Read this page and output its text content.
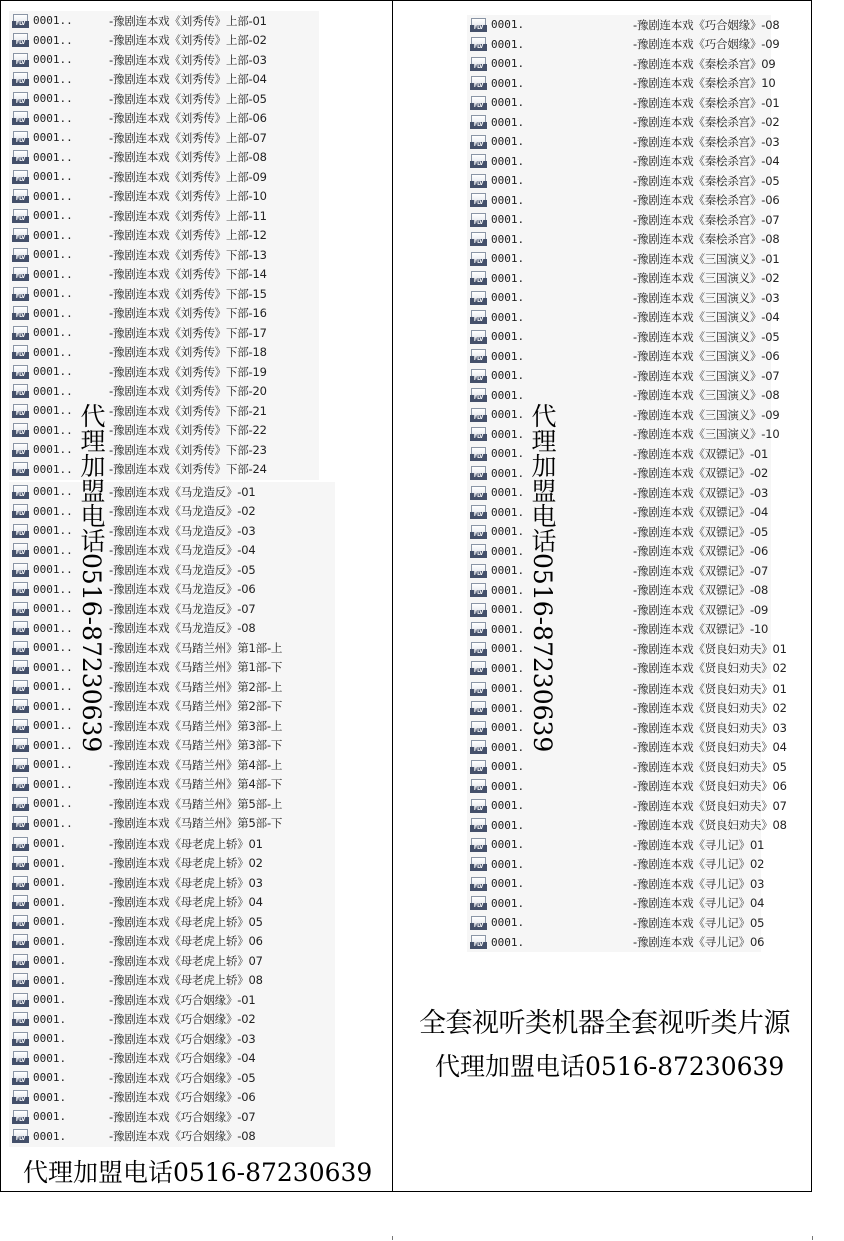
FLV 0001..	-豫剧连本戏《刘秀传》上部-01
FLV 0001..	-豫剧连本戏《刘秀传》上部-02
FLV 0001..	-豫剧连本戏《刘秀传》上部-03
FLV 0001..	-豫剧连本戏《刘秀传》上部-04
FLV 0001..	-豫剧连本戏《刘秀传》上部-05
FLV 0001..	-豫剧连本戏《刘秀传》上部-06
FLV 0001..	-豫剧连本戏《刘秀传》上部-07
FLV 0001..	-豫剧连本戏《刘秀传》上部-08
FLV 0001..	-豫剧连本戏《刘秀传》上部-09
FLV 0001..	-豫剧连本戏《刘秀传》上部-10
FLV 0001..	-豫剧连本戏《刘秀传》上部-11
FLV 0001..	-豫剧连本戏《刘秀传》上部-12
FLV 0001..	-豫剧连本戏《刘秀传》下部-13
FLV 0001..	-豫剧连本戏《刘秀传》下部-14
FLV 0001..	-豫剧连本戏《刘秀传》下部-15
FLV 0001..	-豫剧连本戏《刘秀传》下部-16
FLV 0001..	-豫剧连本戏《刘秀传》下部-17
FLV 0001..	-豫剧连本戏《刘秀传》下部-18
FLV 0001..	-豫剧连本戏《刘秀传》下部-19
FLV 0001..	-豫剧连本戏《刘秀传》下部-20
FLV 0001..	-豫剧连本戏《刘秀传》下部-21
FLV 0001..	-豫剧连本戏《刘秀传》下部-22
FLV 0001..	-豫剧连本戏《刘秀传》下部-23
FLV 0001..	-豫剧连本戏《刘秀传》下部-24
FLV 0001..	-豫剧连本戏《马龙造反》-01
FLV 0001..	-豫剧连本戏《马龙造反》-02
FLV 0001..	-豫剧连本戏《马龙造反》-03
FLV 0001..	-豫剧连本戏《马龙造反》-04
FLV 0001..	-豫剧连本戏《马龙造反》-05
FLV 0001..	-豫剧连本戏《马龙造反》-06
FLV 0001..	-豫剧连本戏《马龙造反》-07
FLV 0001..	-豫剧连本戏《马龙造反》-08
FLV 0001..	-豫剧连本戏《马踏兰州》第1部-上
FLV 0001..	-豫剧连本戏《马踏兰州》第1部-下
FLV 0001..	-豫剧连本戏《马踏兰州》第2部-上
FLV 0001..	-豫剧连本戏《马踏兰州》第2部-下
FLV 0001..	-豫剧连本戏《马踏兰州》第3部-上
FLV 0001..	-豫剧连本戏《马踏兰州》第3部-下
FLV 0001..	-豫剧连本戏《马踏兰州》第4部-上
FLV 0001..	-豫剧连本戏《马踏兰州》第4部-下
FLV 0001..	-豫剧连本戏《马踏兰州》第5部-上
FLV 0001..	-豫剧连本戏《马踏兰州》第5部-下
FLV 0001.	-豫剧连本戏《母老虎上轿》01
FLV 0001.	-豫剧连本戏《母老虎上轿》02
FLV 0001.	-豫剧连本戏《母老虎上轿》03
FLV 0001.	-豫剧连本戏《母老虎上轿》04
FLV 0001.	-豫剧连本戏《母老虎上轿》05
FLV 0001.	-豫剧连本戏《母老虎上轿》06
FLV 0001.	-豫剧连本戏《母老虎上轿》07
FLV 0001.	-豫剧连本戏《母老虎上轿》08
FLV 0001.	-豫剧连本戏《巧合姻缘》-01
FLV 0001.	-豫剧连本戏《巧合姻缘》-02
FLV 0001.	-豫剧连本戏《巧合姻缘》-03
FLV 0001.	-豫剧连本戏《巧合姻缘》-04
FLV 0001.	-豫剧连本戏《巧合姻缘》-05
FLV 0001.	-豫剧连本戏《巧合姻缘》-06
FLV 0001.	-豫剧连本戏《巧合姻缘》-07
FLV 0001.	-豫剧连本戏《巧合姻缘》-08
代理加盟电话0516-87230639
代理加盟电话0516-87230639
FLV 0001.	-豫剧连本戏《巧合姻缘》-08
FLV 0001.	-豫剧连本戏《巧合姻缘》-09
FLV 0001.	-豫剧连本戏《秦桧杀宫》09
FLV 0001.	-豫剧连本戏《秦桧杀宫》10
FLV 0001.	-豫剧连本戏《秦桧杀宫》-01
FLV 0001.	-豫剧连本戏《秦桧杀宫》-02
FLV 0001.	-豫剧连本戏《秦桧杀宫》-03
FLV 0001.	-豫剧连本戏《秦桧杀宫》-04
FLV 0001.	-豫剧连本戏《秦桧杀宫》-05
FLV 0001.	-豫剧连本戏《秦桧杀宫》-06
FLV 0001.	-豫剧连本戏《秦桧杀宫》-07
FLV 0001.	-豫剧连本戏《秦桧杀宫》-08
FLV 0001.	-豫剧连本戏《三国演义》-01
FLV 0001.	-豫剧连本戏《三国演义》-02
FLV 0001.	-豫剧连本戏《三国演义》-03
FLV 0001.	-豫剧连本戏《三国演义》-04
FLV 0001.	-豫剧连本戏《三国演义》-05
FLV 0001.	-豫剧连本戏《三国演义》-06
FLV 0001.	-豫剧连本戏《三国演义》-07
FLV 0001.	-豫剧连本戏《三国演义》-08
FLV 0001.	-豫剧连本戏《三国演义》-09
FLV 0001.	-豫剧连本戏《三国演义》-10
FLV 0001.	-豫剧连本戏《双镖记》-01
FLV 0001.	-豫剧连本戏《双镖记》-02
FLV 0001.	-豫剧连本戏《双镖记》-03
FLV 0001.	-豫剧连本戏《双镖记》-04
FLV 0001.	-豫剧连本戏《双镖记》-05
FLV 0001.	-豫剧连本戏《双镖记》-06
FLV 0001.	-豫剧连本戏《双镖记》-07
FLV 0001.	-豫剧连本戏《双镖记》-08
FLV 0001.	-豫剧连本戏《双镖记》-09
FLV 0001.	-豫剧连本戏《双镖记》-10
FLV 0001.	-豫剧连本戏《贤良妇劝夫》01
FLV 0001.	-豫剧连本戏《贤良妇劝夫》02
FLV 0001.	-豫剧连本戏《贤良妇劝夫》01
FLV 0001.	-豫剧连本戏《贤良妇劝夫》02
FLV 0001.	-豫剧连本戏《贤良妇劝夫》03
FLV 0001.	-豫剧连本戏《贤良妇劝夫》04
FLV 0001.	-豫剧连本戏《贤良妇劝夫》05
FLV 0001.	-豫剧连本戏《贤良妇劝夫》06
FLV 0001.	-豫剧连本戏《贤良妇劝夫》07
FLV 0001.	-豫剧连本戏《贤良妇劝夫》08
FLV 0001.	-豫剧连本戏《寻儿记》01
FLV 0001.	-豫剧连本戏《寻儿记》02
FLV 0001.	-豫剧连本戏《寻儿记》03
FLV 0001.	-豫剧连本戏《寻儿记》04
FLV 0001.	-豫剧连本戏《寻儿记》05
FLV 0001.	-豫剧连本戏《寻儿记》06
代理加盟电话0516-87230639
全套视听类机器全套视听类片源
代理加盟电话0516-87230639
